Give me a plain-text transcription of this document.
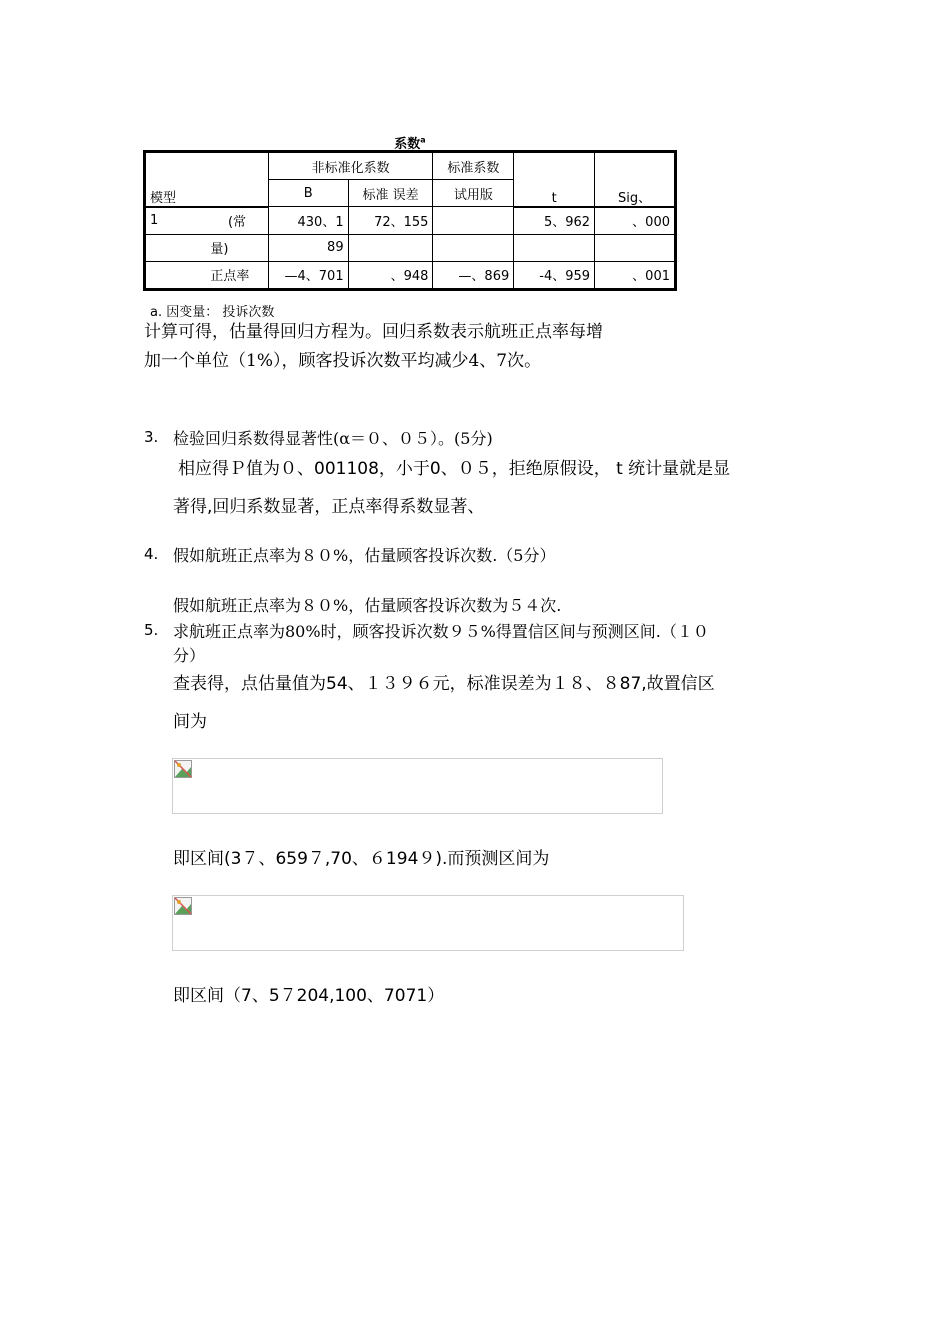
系数$^a$
模型		非标准化系数		标准系数	t	Sig、
		B	标准 误差	试用版		
1	(常	430、1	72、155		5、962	、000
	量)	89				
	正点率	—4、701	、948	—、869	-4、959	、001
a. 因变量： 投诉次数
计算可得，估量得回归方程为。回归系数表示航班正点率每增
加一个单位（1%），顾客投诉次数平均减少4、7次。
3. 检验回归系数得显著性(α＝０、０５）。(5分)
相应得Ｐ值为０、001108，小于0、０５，拒绝原假设， t 统计量就是显
著得,回归系数显著，正点率得系数显著、
4. 假如航班正点率为８０%，估量顾客投诉次数.（5分）
假如航班正点率为８０%，估量顾客投诉次数为５４次.
5. 求航班正点率为80%时，顾客投诉次数９５%得置信区间与预测区间.（１０
分）
查表得，点估量值为54、１３９６元，标准误差为１８、８87,故置信区
间为
即区间(3７、659７,70、６194９).而预测区间为
即区间（7、5７204,100、7071）
